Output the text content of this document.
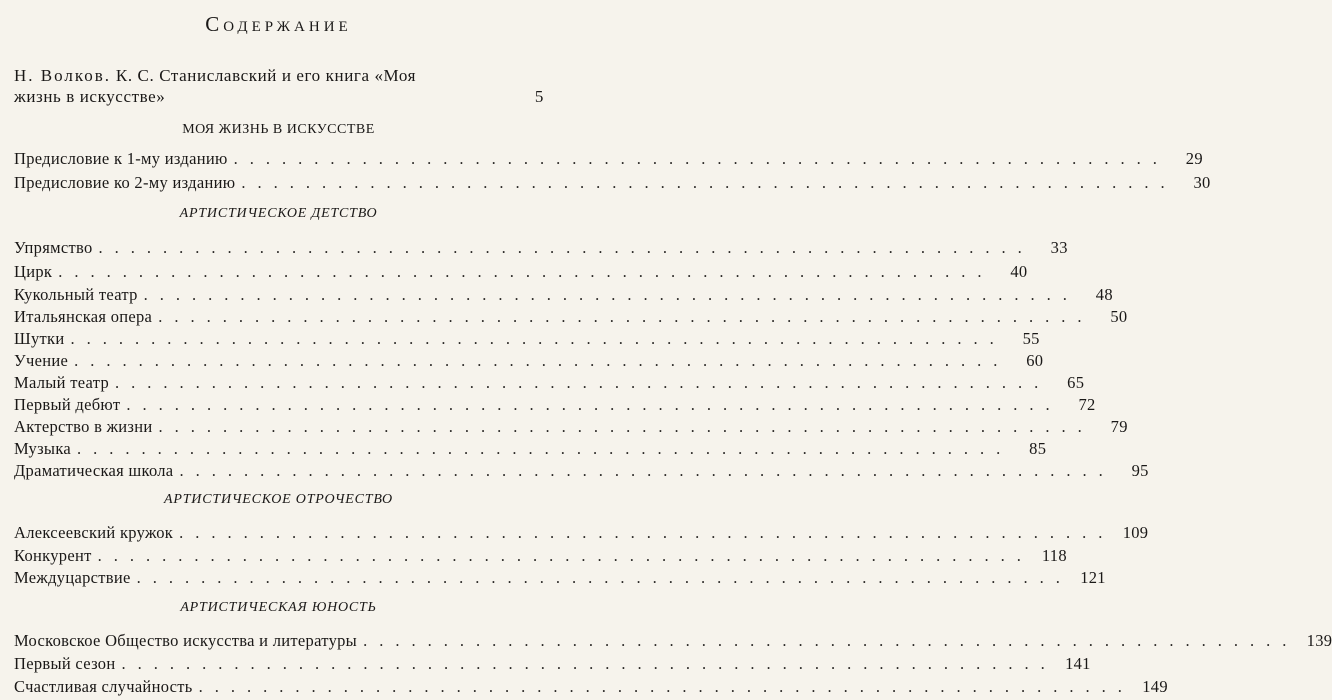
Содержание
Н. Волков. К. С. Станиславский и его книга «Моя
жизнь в искусстве»	5
МОЯ ЖИЗНЬ В ИСКУССТВЕ
Предисловие к 1-му изданию ..........................................................	29
Предисловие ко 2-му изданию ..........................................................	30
АРТИСТИЧЕСКОЕ ДЕТСТВО
Упрямство ..........................................................	33
Цирк ..........................................................	40
Кукольный театр ..........................................................	48
Итальянская опера ..........................................................	50
Шутки ..........................................................	55
Учение ..........................................................	60
Малый театр ..........................................................	65
Первый дебют ..........................................................	72
Актерство в жизни ..........................................................	79
Музыка ..........................................................	85
Драматическая школа ..........................................................	95
АРТИСТИЧЕСКОЕ ОТРОЧЕСТВО
Алексеевский кружок .......................................................... 109
Конкурент .......................................................... 118
Междуцарствие .......................................................... 121
АРТИСТИЧЕСКАЯ ЮНОСТЬ
Московское Общество искусства и литературы .......................................................... 139
Первый сезон .......................................................... 141
Счастливая случайность .......................................................... 149
